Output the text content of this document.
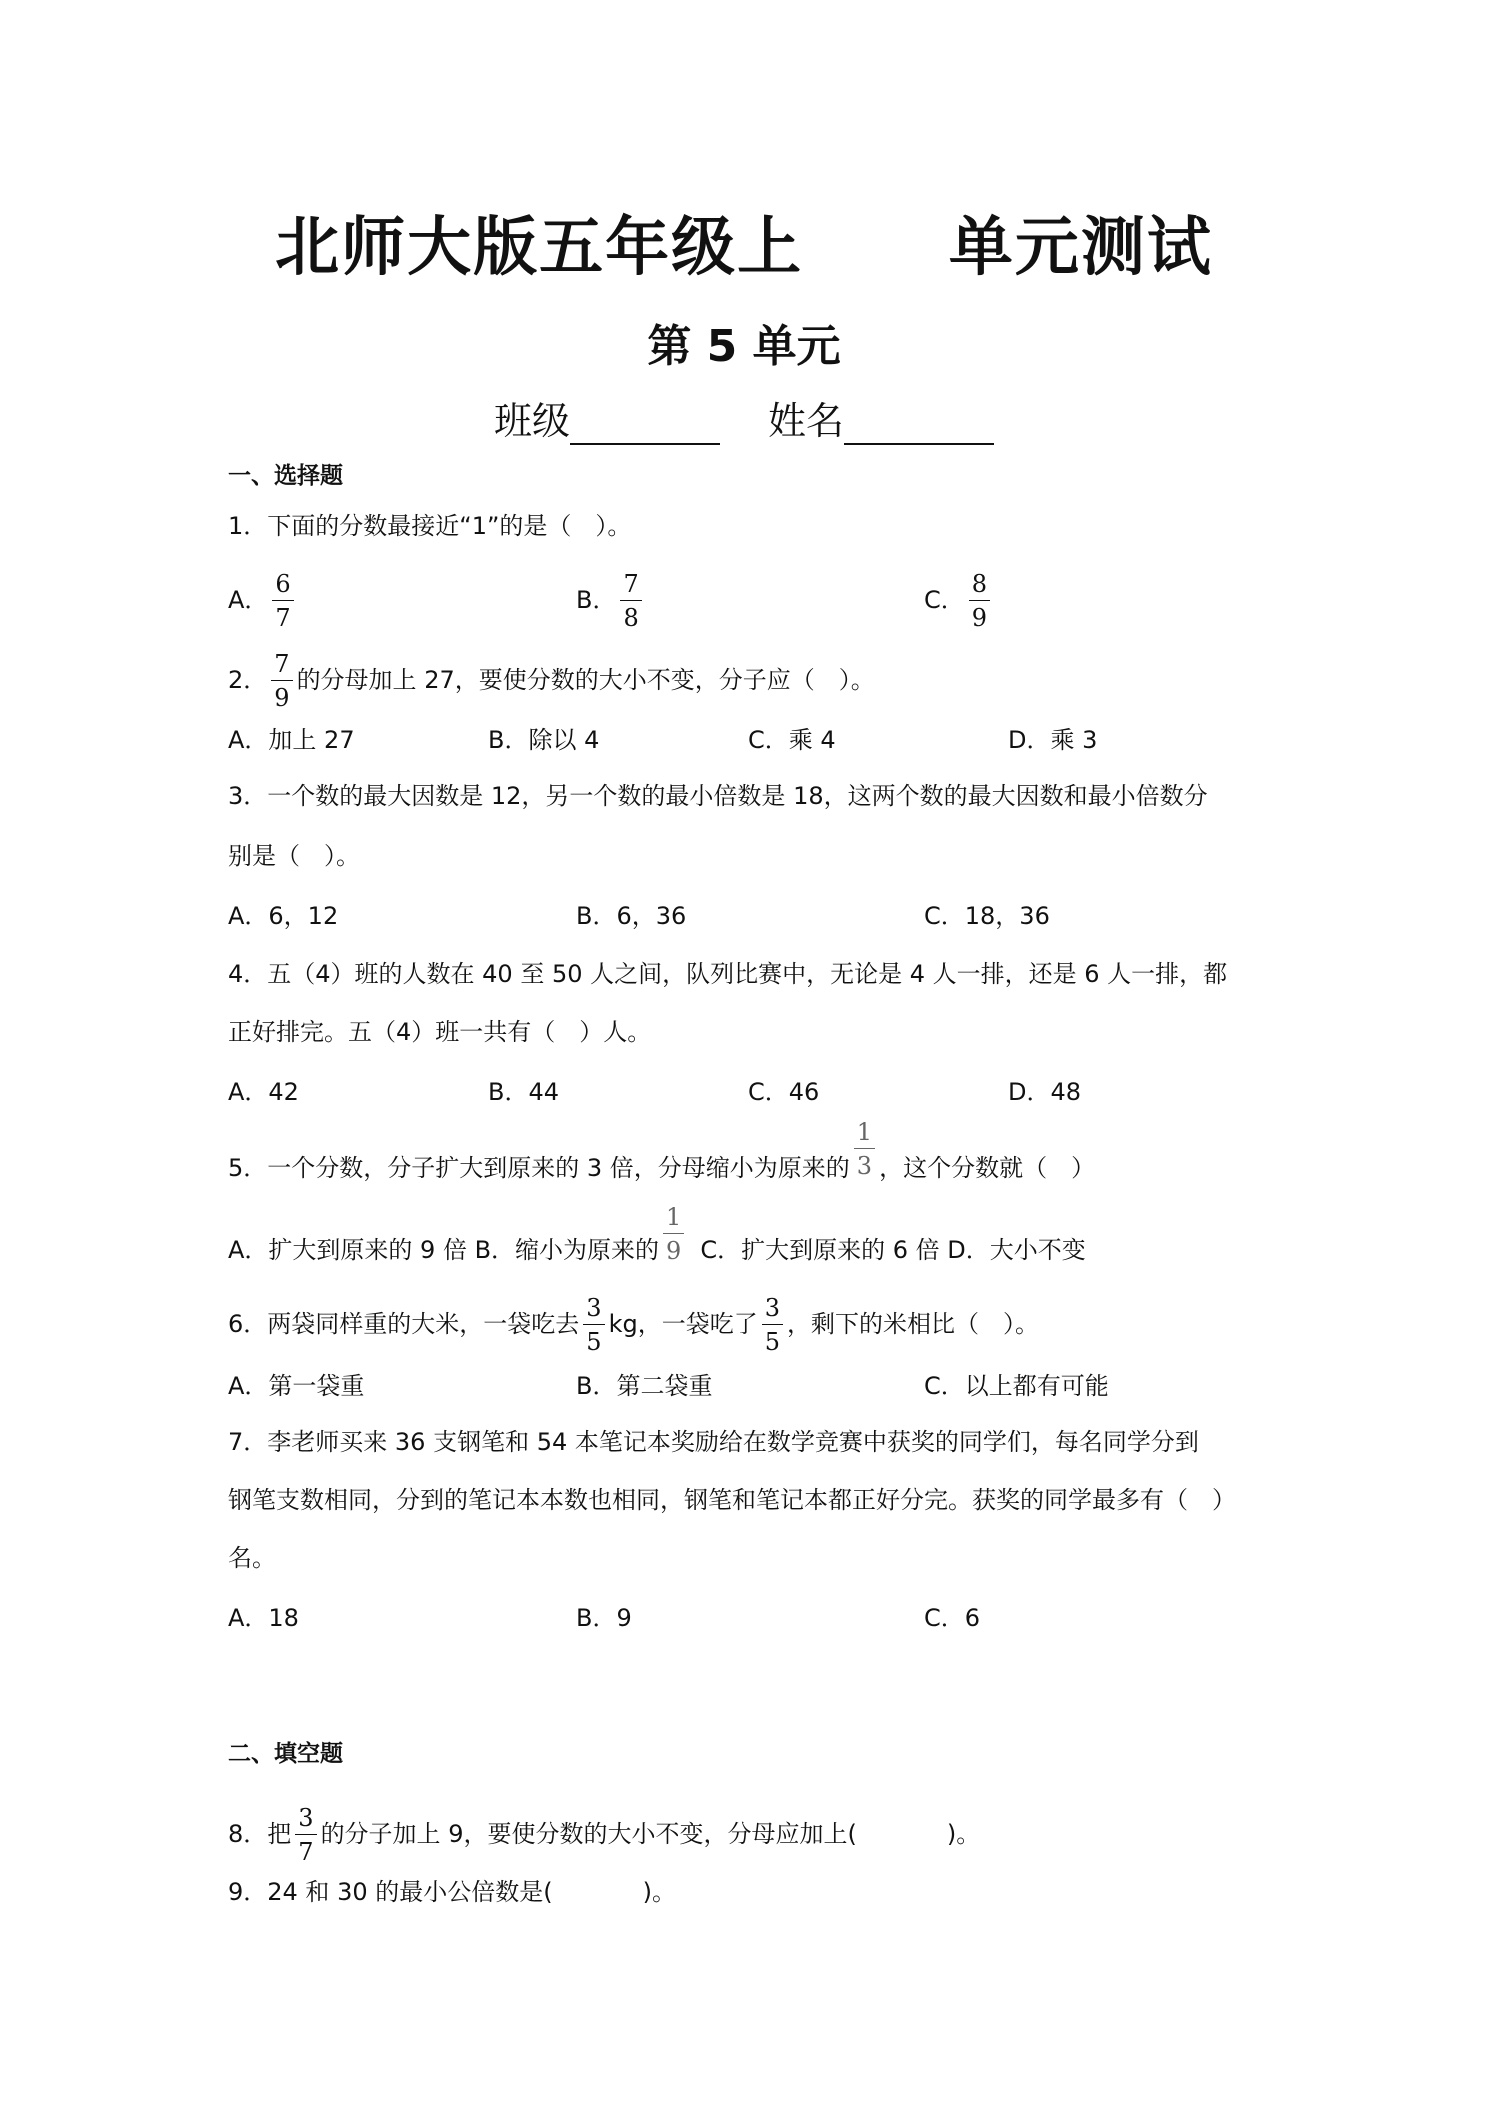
北师大版五年级上 单元测试
第 5 单元
班级	姓名
一、选择题
1．下面的分数最接近“1”的是（　）。
A． $\frac{6}{7}$	B． $\frac{7}{8}$	C． $\frac{8}{9}$
2． $\frac{7}{9}$ 的分母加上 27，要使分数的大小不变，分子应（　）。
A．加上 27	B．除以 4	C．乘 4	D．乘 3
3．一个数的最大因数是 12，另一个数的最小倍数是 18，这两个数的最大因数和最小倍数分
别是（　）。
A．6，12	B．6，36	C．18，36
4．五（4）班的人数在 40 至 50 人之间，队列比赛中，无论是 4 人一排，还是 6 人一排，都
正好排完。五（4）班一共有（　）人。
A．42	B．44	C．46	D．48
5．一个分数，分子扩大到原来的 3 倍，分母缩小为原来的 $\frac{1}{3}$ ，这个分数就（　）
A．扩大到原来的 9 倍 B．缩小为原来的 $\frac{1}{9}$ C．扩大到原来的 6 倍 D．大小不变
6．两袋同样重的大米，一袋吃去 $\frac{3}{5}$ kg，一袋吃了 $\frac{3}{5}$ ，剩下的米相比（　）。
A．第一袋重	B．第二袋重	C．以上都有可能
7．李老师买来 36 支钢笔和 54 本笔记本奖励给在数学竞赛中获奖的同学们，每名同学分到
钢笔支数相同，分到的笔记本本数也相同，钢笔和笔记本都正好分完。获奖的同学最多有（　）
名。
A．18	B．9	C．6
二、填空题
8．把 $\frac{3}{7}$ 的分子加上 9，要使分数的大小不变，分母应加上(	)。
9．24 和 30 的最小公倍数是(	)。
